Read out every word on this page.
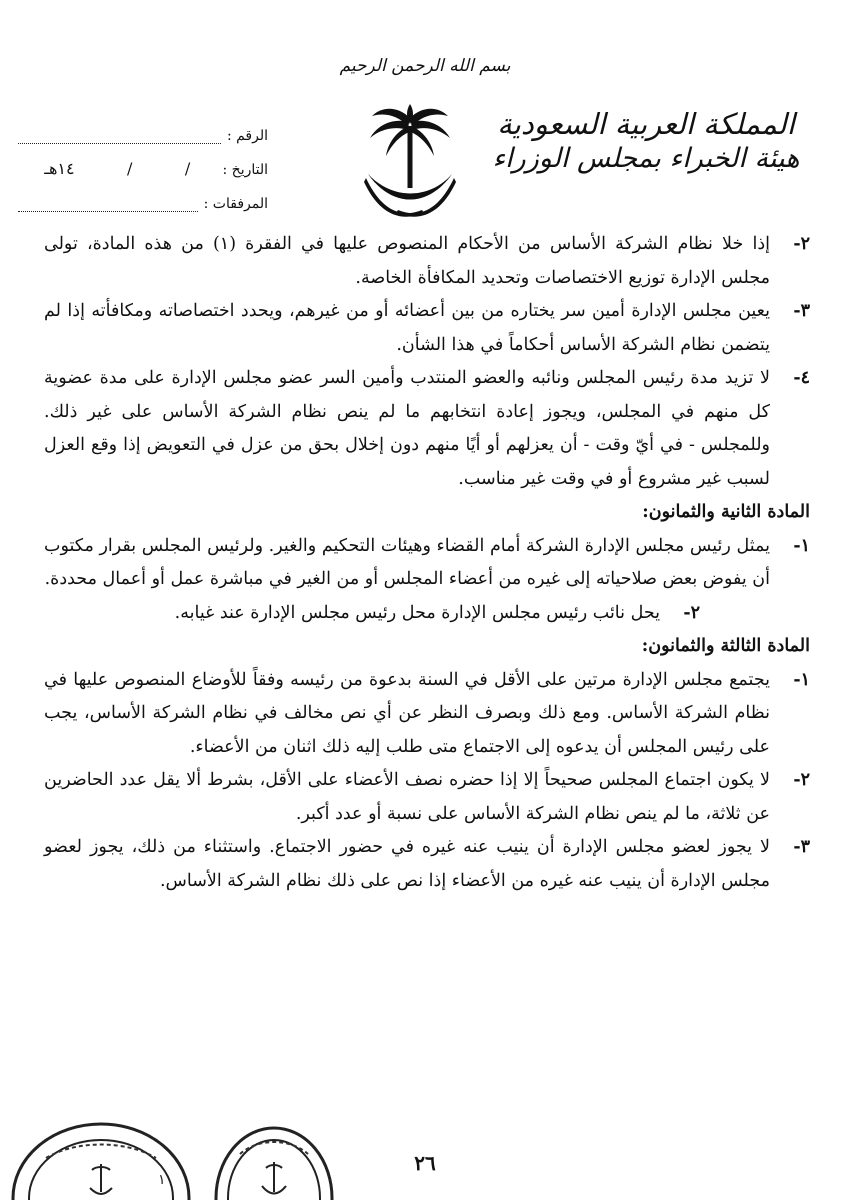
بسم الله الرحمن الرحيم
المملكة العربية السعودية
هيئة الخبراء بمجلس الوزراء
الرقم :
التاريخ :
/
/
١٤هـ
المرفقات :

٢-
إذا خلا نظام الشركة الأساس من الأحكام المنصوص عليها في الفقرة (١) من هذه المادة، تولى مجلس الإدارة توزيع الاختصاصات وتحديد المكافأة الخاصة.

٣-
يعين مجلس الإدارة أمين سر يختاره من بين أعضائه أو من غيرهم، ويحدد اختصاصاته ومكافأته إذا لم يتضمن نظام الشركة الأساس أحكاماً في هذا الشأن.

٤-
لا تزيد مدة رئيس المجلس ونائبه والعضو المنتدب وأمين السر عضو مجلس الإدارة على مدة عضوية كل منهم في المجلس، ويجوز إعادة انتخابهم ما لم ينص نظام الشركة الأساس على غير ذلك. وللمجلس - في أيّ وقت - أن يعزلهم أو أيًا منهم دون إخلال بحق من عزل في التعويض إذا وقع العزل لسبب غير مشروع أو في وقت غير مناسب.

المادة الثانية والثمانون:

١-
يمثل رئيس مجلس الإدارة الشركة أمام القضاء وهيئات التحكيم والغير. ولرئيس المجلس بقرار مكتوب أن يفوض بعض صلاحياته إلى غيره من أعضاء المجلس أو من الغير في مباشرة عمل أو أعمال محددة.

٢-
يحل نائب رئيس مجلس الإدارة محل رئيس مجلس الإدارة عند غيابه.

المادة الثالثة والثمانون:

١-
يجتمع مجلس الإدارة مرتين على الأقل في السنة بدعوة من رئيسه وفقاً للأوضاع المنصوص عليها في نظام الشركة الأساس. ومع ذلك وبصرف النظر عن أي نص مخالف في نظام الشركة الأساس، يجب على رئيس المجلس أن يدعوه إلى الاجتماع متى طلب إليه ذلك اثنان من الأعضاء.

٢-
لا يكون اجتماع المجلس صحيحاً إلا إذا حضره نصف الأعضاء على الأقل، بشرط ألا يقل عدد الحاضرين عن ثلاثة، ما لم ينص نظام الشركة الأساس على نسبة أو عدد أكبر.

٣-
لا يجوز لعضو مجلس الإدارة أن ينيب عنه غيره في حضور الاجتماع. واستثناء من ذلك، يجوز لعضو مجلس الإدارة أن ينيب عنه غيره من الأعضاء إذا نص على ذلك نظام الشركة الأساس.

٢٦
١
